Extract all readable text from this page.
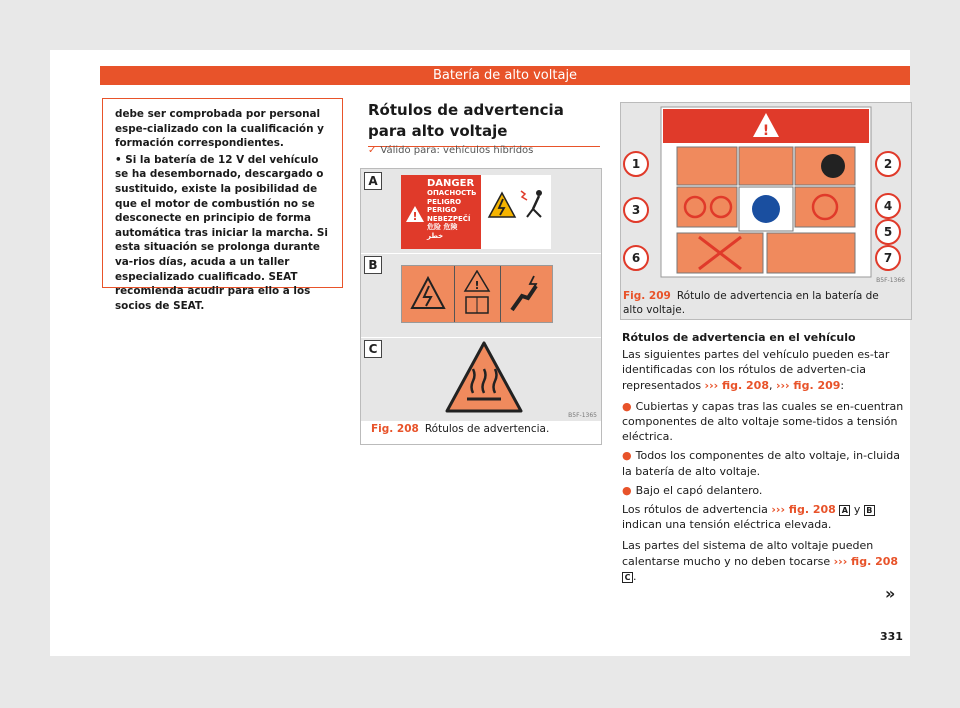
Batería de alto voltaje

debe ser comprobada por personal espe-cializado con la cualificación y formación correspondientes.

• Si la batería de 12 V del vehículo se ha desembornado, descargado o sustituido, existe la posibilidad de que el motor de combustión no se desconecte en principio de forma automática tras iniciar la marcha. Si esta situación se prolonga durante va-rios días, acuda a un taller especializado cualificado. SEAT recomienda acudir para ello a los socios de SEAT.

Rótulos de advertencia para alto voltaje
✓ Válido para: vehículos híbridos
A	DANGER
ОПАСНОСТЬ
PELIGRO
PERIGO
NEBEZPEČÍ
危险 危険
خطر
!
B
!
C
B5F-1365
Fig. 208 Rótulos de advertencia.
!
1	2
3	4
5
6	7
B5F-1366
Fig. 209 Rótulo de advertencia en la batería de alto voltaje.

Rótulos de advertencia en el vehículo

Las siguientes partes del vehículo pueden es-tar identificadas con los rótulos de adverten-cia representados ››› fig. 208, ››› fig. 209:

● Cubiertas y capas tras las cuales se en-cuentran componentes de alto voltaje some-tidos a tensión eléctrica.

● Todos los componentes de alto voltaje, in-cluida la batería de alto voltaje.

● Bajo el capó delantero.

Los rótulos de advertencia ››› fig. 208 A y B indican una tensión eléctrica elevada.

Las partes del sistema de alto voltaje pueden calentarse mucho y no deben tocarse ››› fig. 208 C .

»
331
